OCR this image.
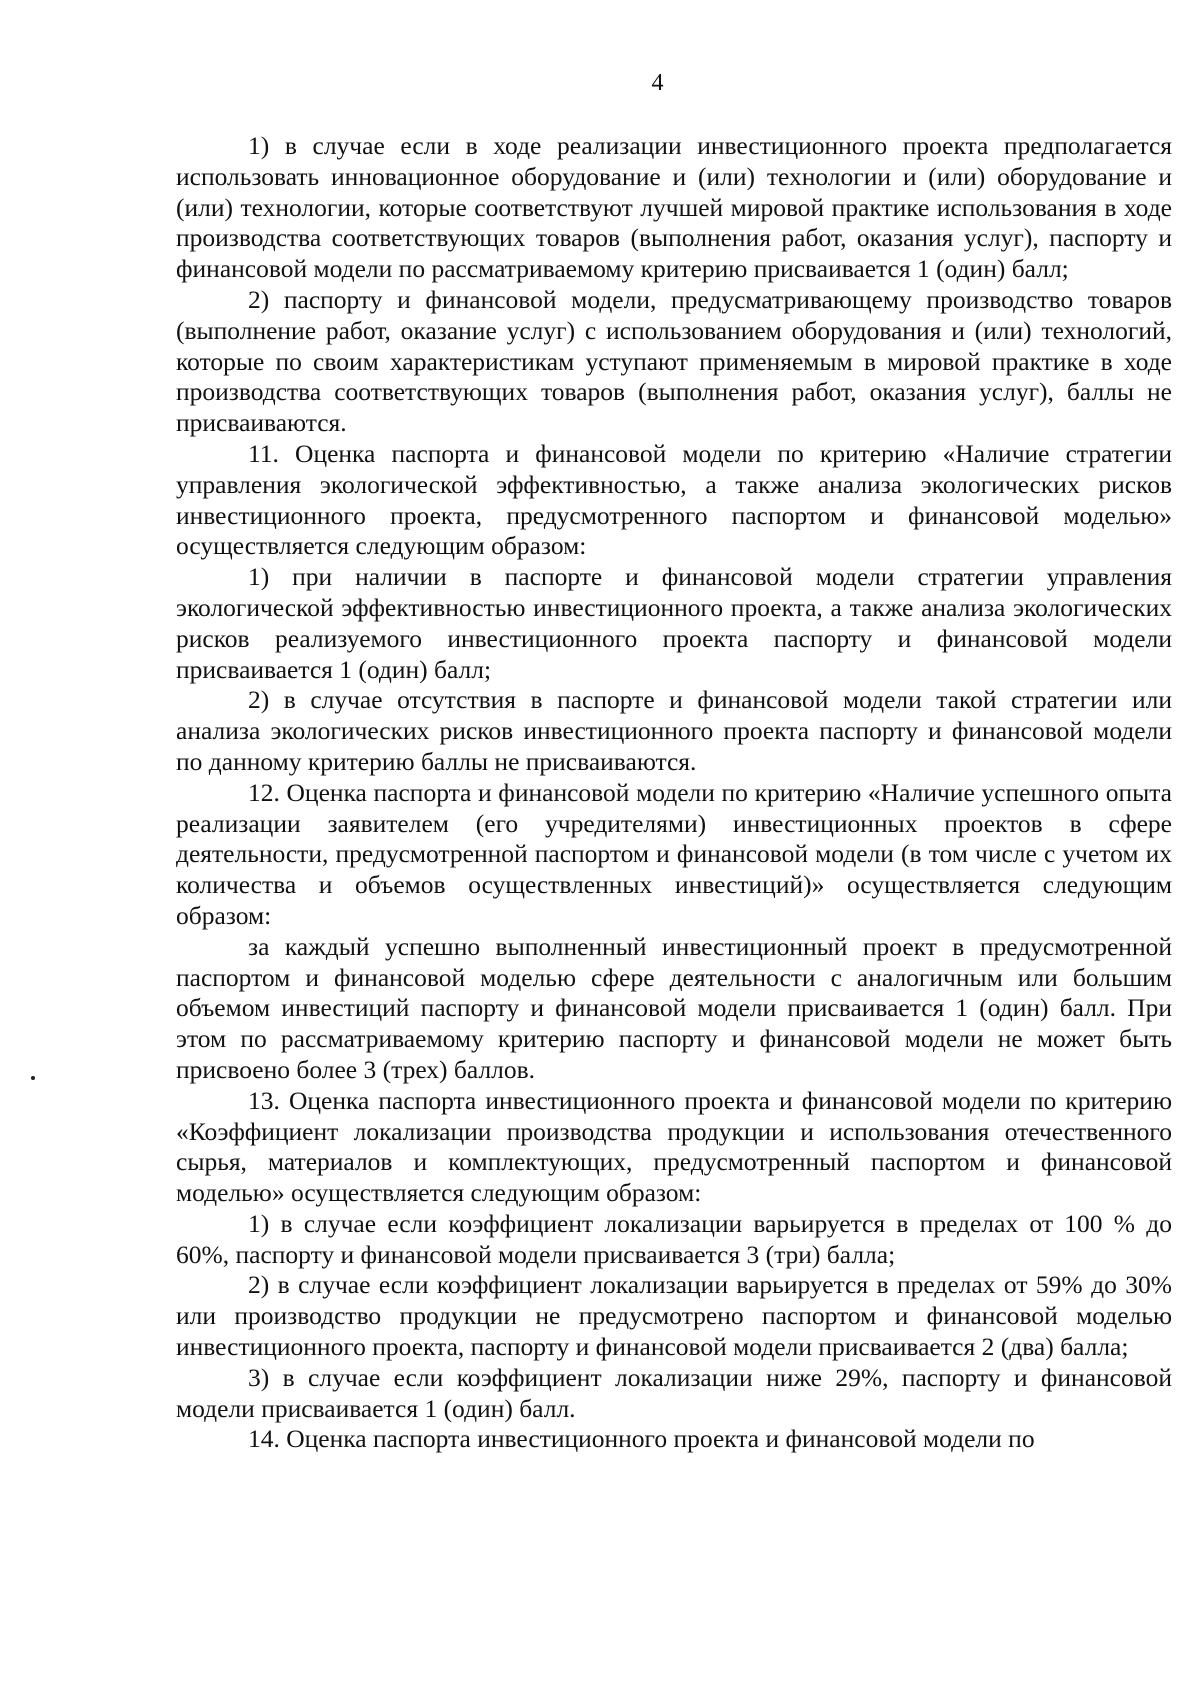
4

1) в случае если в ходе реализации инвестиционного проекта предполагается использовать инновационное оборудование и (или) технологии и (или) оборудование и (или) технологии, которые соответствуют лучшей мировой практике использования в ходе производства соответствующих товаров (выполнения работ, оказания услуг), паспорту и финансовой модели по рассматриваемому критерию присваивается 1 (один) балл;

2) паспорту и финансовой модели, предусматривающему производство товаров (выполнение работ, оказание услуг) с использованием оборудования и (или) технологий, которые по своим характеристикам уступают применяемым в мировой практике в ходе производства соответствующих товаров (выполнения работ, оказания услуг), баллы не присваиваются.

11. Оценка паспорта и финансовой модели по критерию «Наличие стратегии управления экологической эффективностью, а также анализа экологических рисков инвестиционного проекта, предусмотренного паспортом и финансовой моделью» осуществляется следующим образом:

1) при наличии в паспорте и финансовой модели стратегии управления экологической эффективностью инвестиционного проекта, а также анализа экологических рисков реализуемого инвестиционного проекта паспорту и финансовой модели присваивается 1 (один) балл;

2) в случае отсутствия в паспорте и финансовой модели такой стратегии или анализа экологических рисков инвестиционного проекта паспорту и финансовой модели по данному критерию баллы не присваиваются.

12. Оценка паспорта и финансовой модели по критерию «Наличие успешного опыта реализации заявителем (его учредителями) инвестиционных проектов в сфере деятельности, предусмотренной паспортом и финансовой модели (в том числе с учетом их количества и объемов осуществленных инвестиций)» осуществляется следующим образом:

за каждый успешно выполненный инвестиционный проект в предусмотренной паспортом и финансовой моделью сфере деятельности с аналогичным или большим объемом инвестиций паспорту и финансовой модели присваивается 1 (один) балл. При этом по рассматриваемому критерию паспорту и финансовой модели не может быть присвоено более 3 (трех) баллов.

13. Оценка паспорта инвестиционного проекта и финансовой модели по критерию «Коэффициент локализации производства продукции и использования отечественного сырья, материалов и комплектующих, предусмотренный паспортом и финансовой моделью» осуществляется следующим образом:

1) в случае если коэффициент локализации варьируется в пределах от 100 % до 60%, паспорту и финансовой модели присваивается 3 (три) балла;

2) в случае если коэффициент локализации варьируется в пределах от 59% до 30% или производство продукции не предусмотрено паспортом и финансовой моделью инвестиционного проекта, паспорту и финансовой модели присваивается 2 (два) балла;

3) в случае если коэффициент локализации ниже 29%, паспорту и финансовой модели присваивается 1 (один) балл.

14. Оценка паспорта инвестиционного проекта и финансовой модели по
